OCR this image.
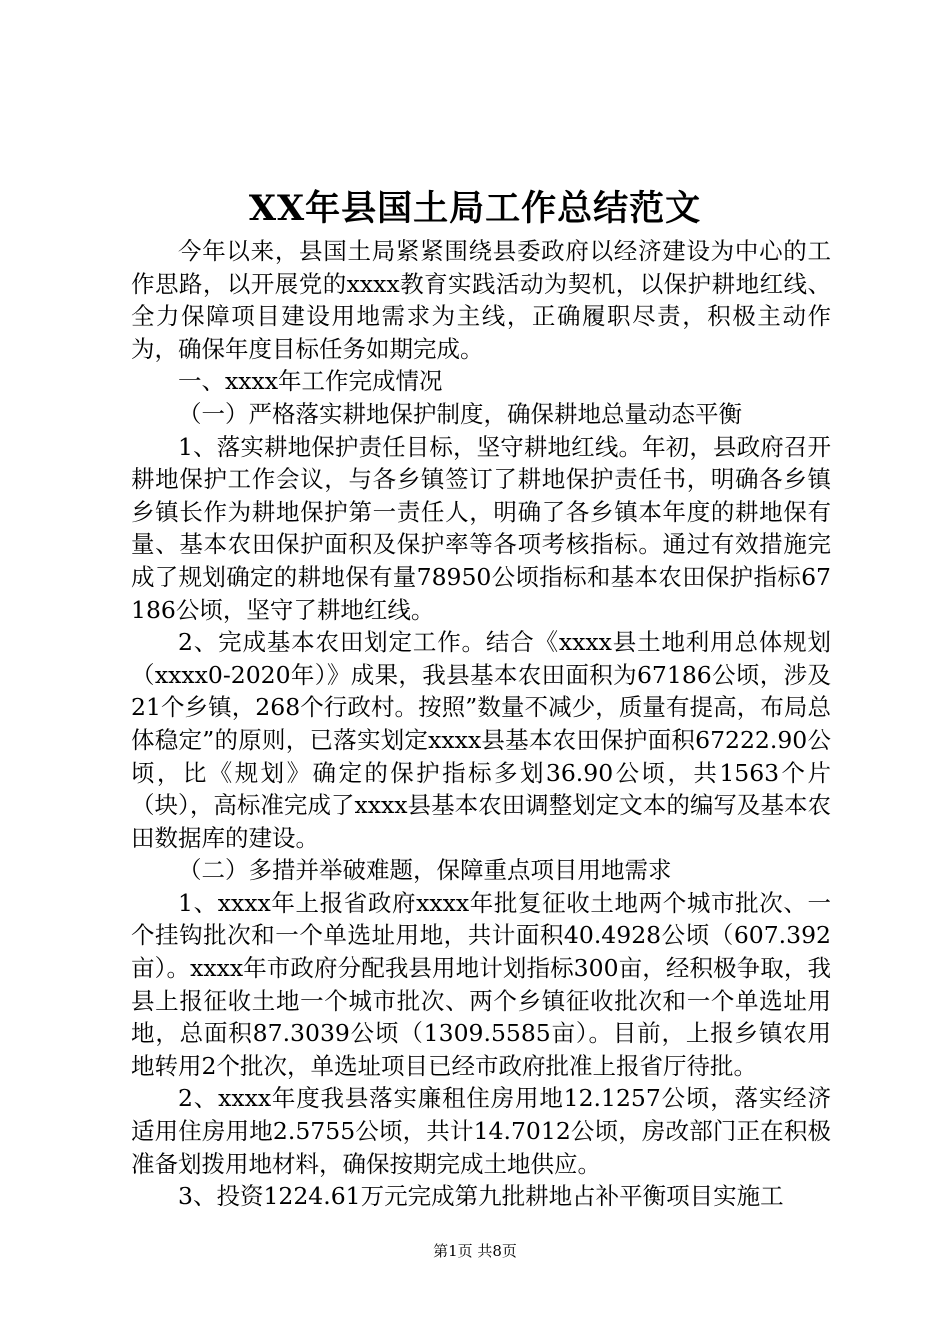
XX年县国土局工作总结范文

今年以来，县国土局紧紧围绕县委政府以经济建设为中心的工作思路，以开展党的xxxx教育实践活动为契机，以保护耕地红线、全力保障项目建设用地需求为主线，正确履职尽责，积极主动作为，确保年度目标任务如期完成。

一、xxxx年工作完成情况

（一）严格落实耕地保护制度，确保耕地总量动态平衡

1、落实耕地保护责任目标，坚守耕地红线。年初，县政府召开耕地保护工作会议，与各乡镇签订了耕地保护责任书，明确各乡镇乡镇长作为耕地保护第一责任人，明确了各乡镇本年度的耕地保有量、基本农田保护面积及保护率等各项考核指标。通过有效措施完成了规划确定的耕地保有量78950公顷指标和基本农田保护指标67186公顷，坚守了耕地红线。

2、完成基本农田划定工作。结合《xxxx县土地利用总体规划（xxxx0-2020年）》成果，我县基本农田面积为67186公顷，涉及21个乡镇，268个行政村。按照”数量不减少，质量有提高，布局总体稳定”的原则，已落实划定xxxx县基本农田保护面积67222.90公顷，比《规划》确定的保护指标多划36.90公顷，共1563个片（块），高标准完成了xxxx县基本农田调整划定文本的编写及基本农田数据库的建设。

（二）多措并举破难题，保障重点项目用地需求

1、xxxx年上报省政府xxxx年批复征收土地两个城市批次、一个挂钩批次和一个单选址用地，共计面积40.4928公顷（607.392亩）。xxxx年市政府分配我县用地计划指标300亩，经积极争取，我县上报征收土地一个城市批次、两个乡镇征收批次和一个单选址用地，总面积87.3039公顷（1309.5585亩）。目前，上报乡镇农用地转用2个批次，单选址项目已经市政府批准上报省厅待批。

2、xxxx年度我县落实廉租住房用地12.1257公顷，落实经济适用住房用地2.5755公顷，共计14.7012公顷，房改部门正在积极准备划拨用地材料，确保按期完成土地供应。

3、投资1224.61万元完成第九批耕地占补平衡项目实施工

第1页 共8页
